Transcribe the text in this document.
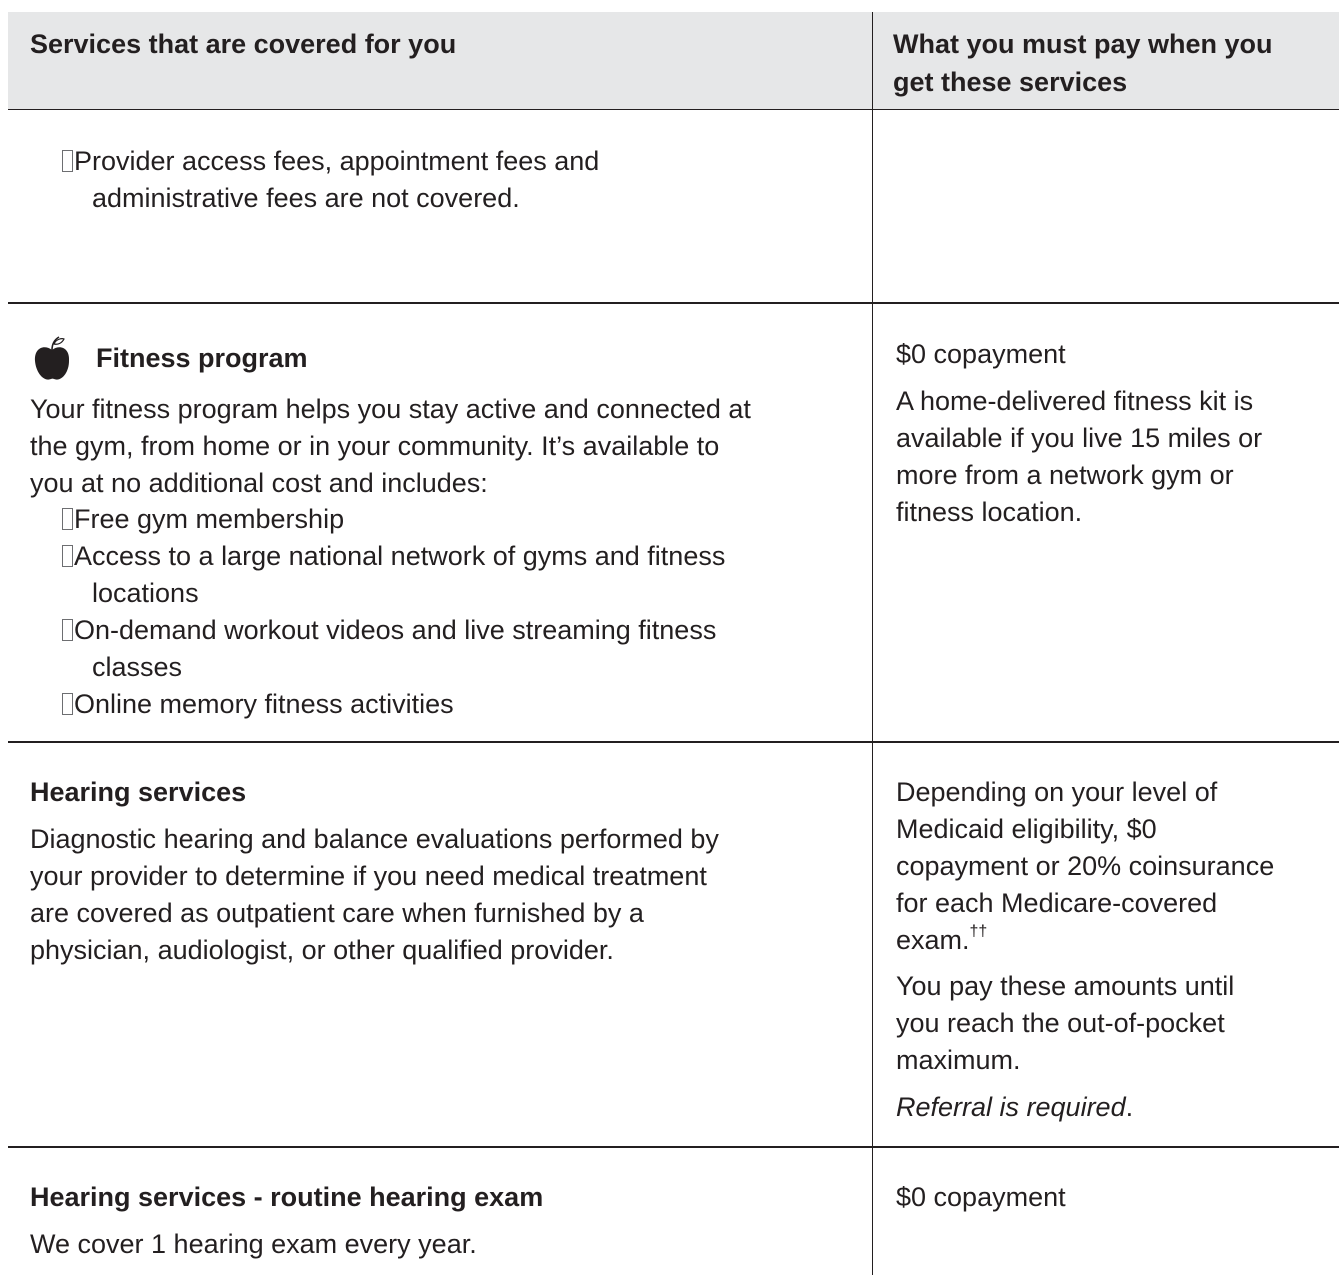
Services that are covered for you	What you must pay when you
get these services
Provider access fees, appointment fees and
administrative fees are not covered.
Fitness program
Your fitness program helps you stay active and connected at
the gym, from home or in your community. It’s available to
you at no additional cost and includes:
Free gym membership
Access to a large national network of gyms and fitness
locations
On-demand workout videos and live streaming fitness
classes
Online memory fitness activities
$0 copayment
A home-delivered fitness kit is
available if you live 15 miles or
more from a network gym or
fitness location.
Hearing services
Diagnostic hearing and balance evaluations performed by
your provider to determine if you need medical treatment
are covered as outpatient care when furnished by a
physician, audiologist, or other qualified provider.
Depending on your level of
Medicaid eligibility, $0
copayment or 20% coinsurance
for each Medicare-covered
exam.††
You pay these amounts until
you reach the out-of-pocket
maximum.
Referral is required.
Hearing services - routine hearing exam
We cover 1 hearing exam every year.
$0 copayment
